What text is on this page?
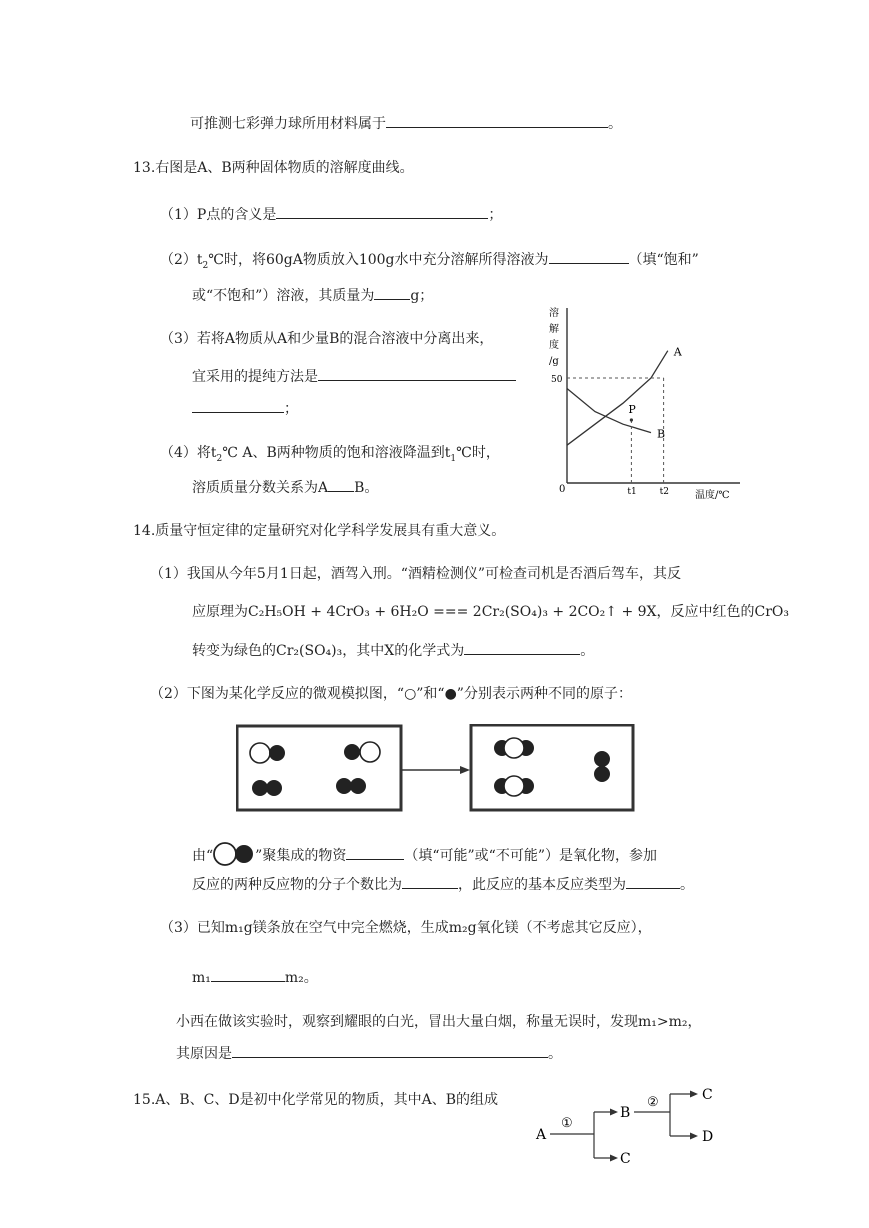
可推测七彩弹力球所用材料属于	。
13.右图是A、B两种固体物质的溶解度曲线。
（1）P点的含义是	；
$(2)t_2℃$时，将60gA物质放入100g水中充分溶解所得溶液为	（填“饱和”
或“不饱和”）溶液，其质量为	g；
（3）若将A物质从A和少量B的混合溶液中分离出来，
宜采用的提纯方法是
；
（4）将$t_2℃$ A、B两种物质的饱和溶液降温到$t_1℃$时，
溶质质量分数关系为A B。
溶
解
度
/g
温度/℃
0
A
B
P
50
t1	t2
14.质量守恒定律的定量研究对化学科学发展具有重大意义。
（1）我国从今年5月1日起，酒驾入刑。“酒精检测仪”可检查司机是否酒后驾车，其反
应原理为C₂H₅OH + 4CrO₃ + 6H₂O === 2Cr₂(SO₄)₃ + 2CO₂↑ + 9X，反应中红色的CrO₃
转变为绿色的Cr₂(SO₄)₃，其中X的化学式为	。
（2）下图为某化学反应的微观模拟图，“○”和“●”分别表示两种不同的原子：
由“	”聚集成的物资	（填“可能”或“不可能”）是氧化物，参加
反应的两种反应物的分子个数比为	，此反应的基本反应类型为	。
（3）已知m₁g镁条放在空气中完全燃烧，生成m₂g氧化镁（不考虑其它反应），
m₁	m₂。
小西在做该实验时，观察到耀眼的白光，冒出大量白烟，称量无误时，发现m₁>m₂，
其原因是	。
15.A、B、C、D是初中化学常见的物质，其中A、B的组成
A
①
B
C
②	C
D
